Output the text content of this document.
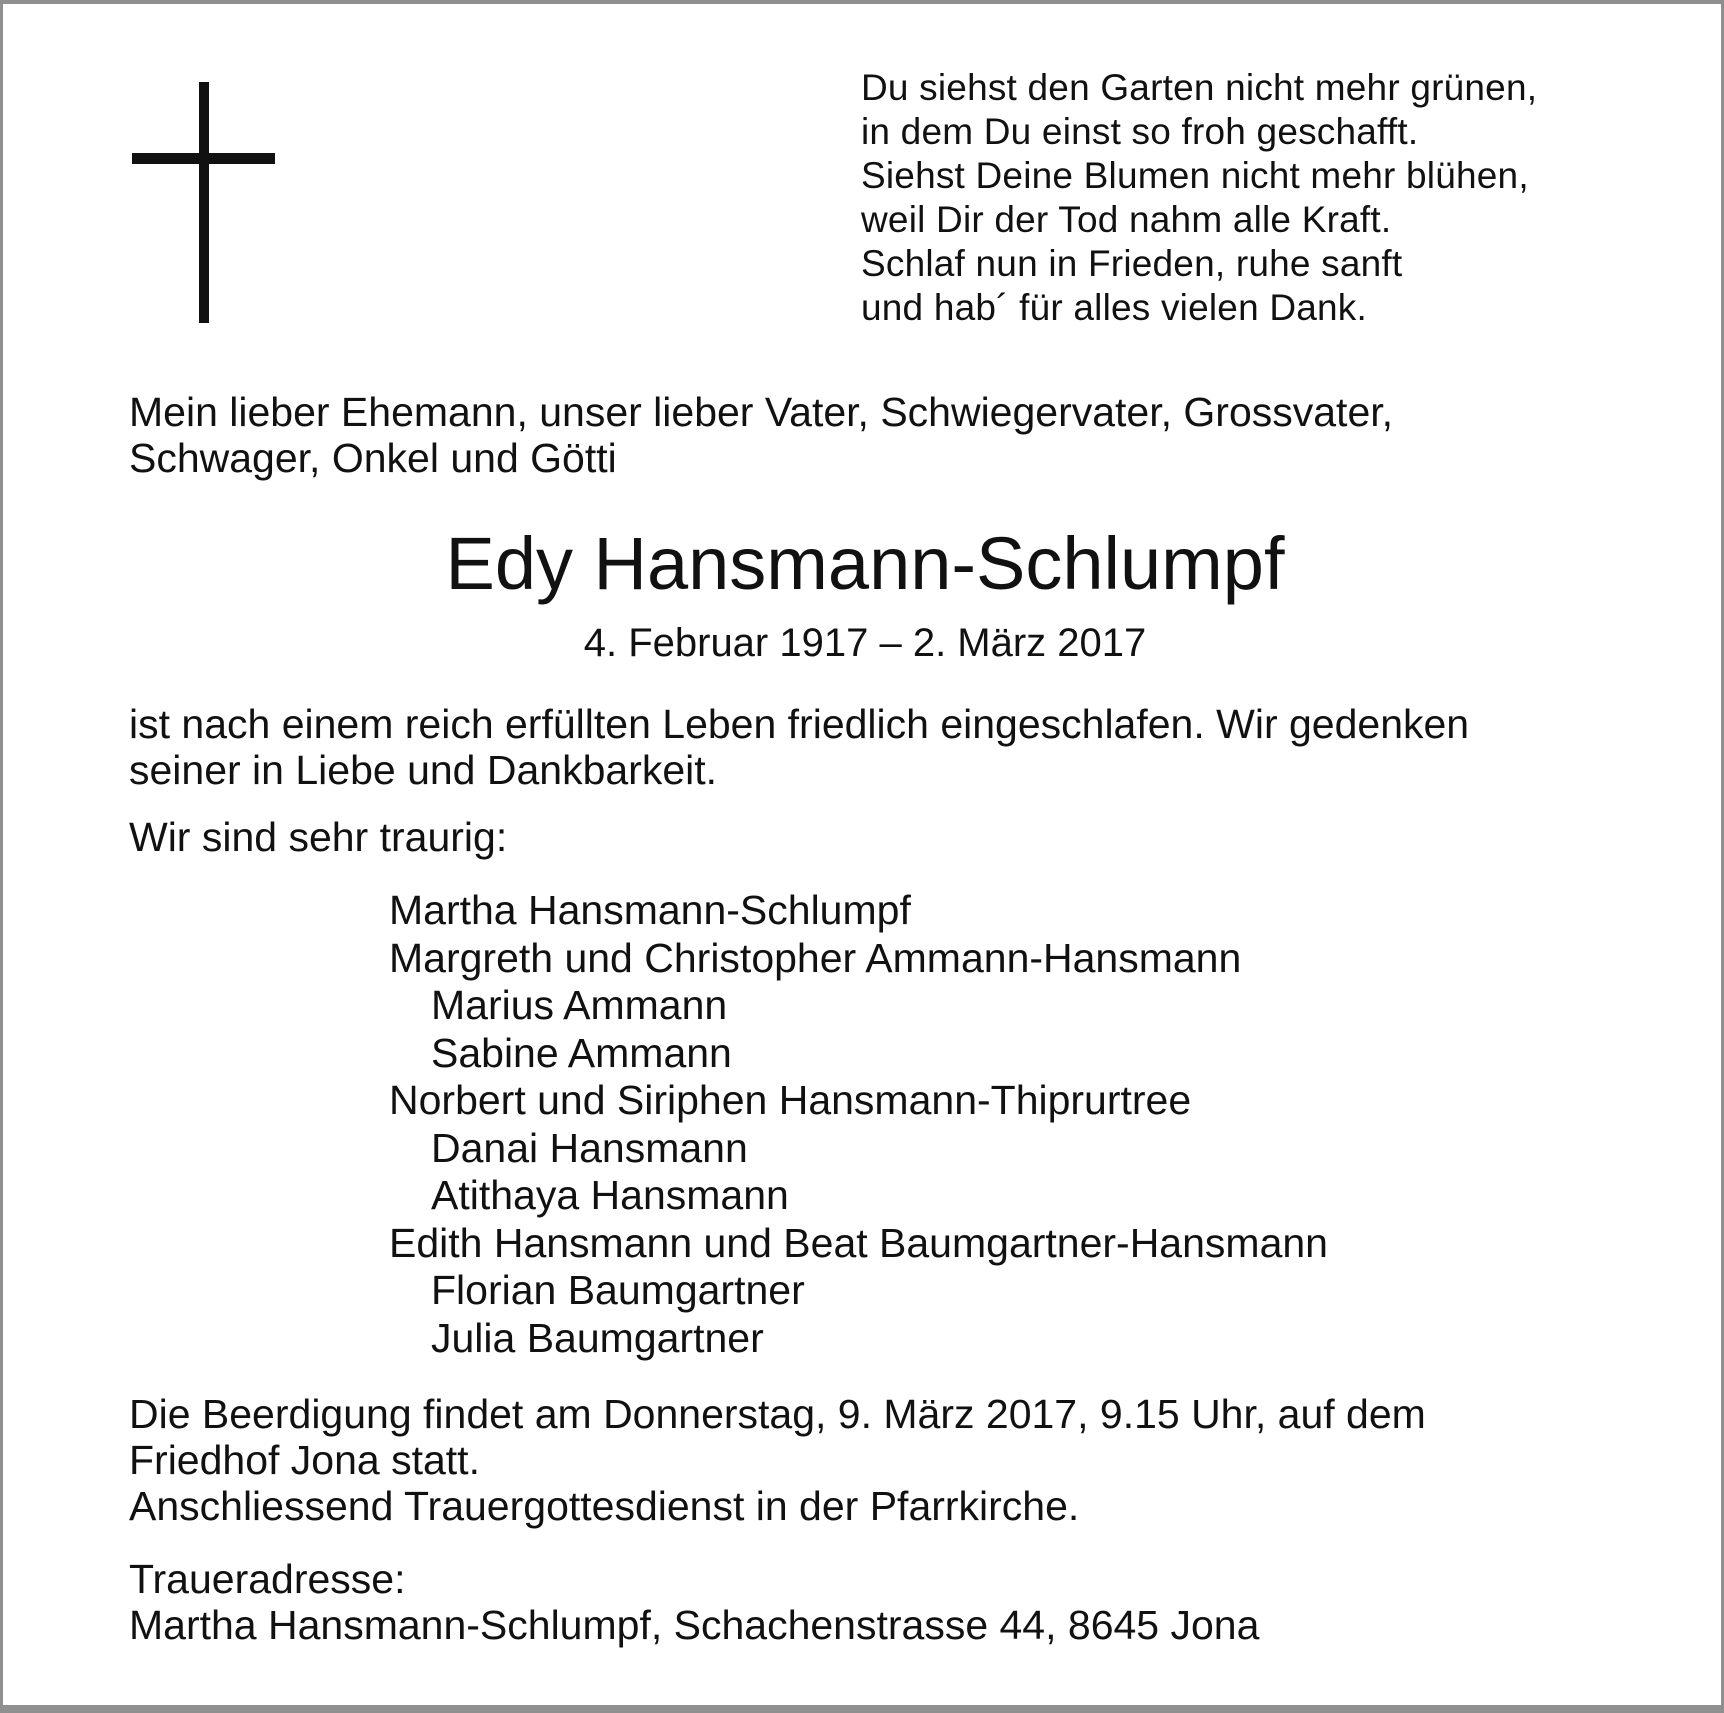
Du siehst den Garten nicht mehr grünen,
in dem Du einst so froh geschafft.
Siehst Deine Blumen nicht mehr blühen,
weil Dir der Tod nahm alle Kraft.
Schlaf nun in Frieden, ruhe sanft
und hab´ für alles vielen Dank.
Mein lieber Ehemann, unser lieber Vater, Schwiegervater, Grossvater,
Schwager, Onkel und Götti
Edy Hansmann-Schlumpf
4. Februar 1917 – 2. März 2017
ist nach einem reich erfüllten Leben friedlich eingeschlafen. Wir gedenken
seiner in Liebe und Dankbarkeit.
Wir sind sehr traurig:
Martha Hansmann-Schlumpf
Margreth und Christopher Ammann-Hansmann
Marius Ammann
Sabine Ammann
Norbert und Siriphen Hansmann-Thiprurtree
Danai Hansmann
Atithaya Hansmann
Edith Hansmann und Beat Baumgartner-Hansmann
Florian Baumgartner
Julia Baumgartner
Die Beerdigung findet am Donnerstag, 9. März 2017, 9.15 Uhr, auf dem
Friedhof Jona statt.
Anschliessend Trauergottesdienst in der Pfarrkirche.
Traueradresse:
Martha Hansmann-Schlumpf, Schachenstrasse 44, 8645 Jona
